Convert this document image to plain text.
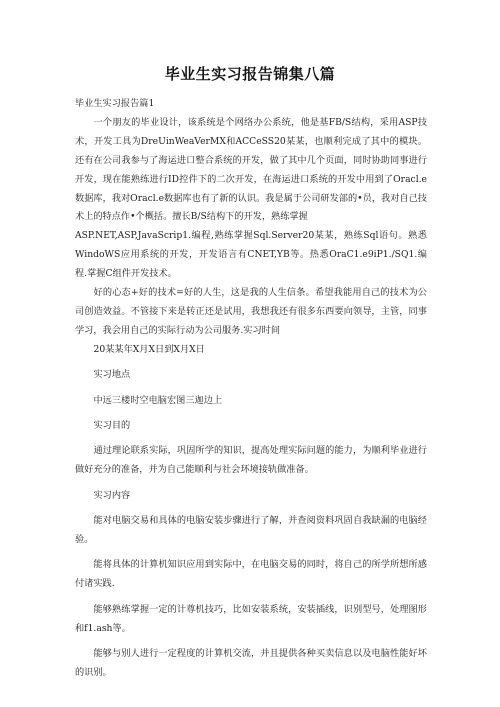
毕业生实习报告锦集八篇

毕业生实习报告篇1

一个朋友的毕业设计，该系统是个网络办公系统，他是基FB/S结构，采用ASP技术，开发工具为DreUinWeaVerMX和ACCeSS20某某，也顺利完成了其中的模块。还有在公司我参与了海运进口整合系统的开发，做了其中几个页面，同时协助同事进行开发，现在能熟练进行ID控件下的二次开发，在海运进口系统的开发中用到了Oracl.e数据库，我对Oracl.e数据库也有了新的认识。我是属于公司研发部的•员，我对自己技术上的特点作•个概括。擅长B/S结构下的开发，熟练掌握

ASP.NET,ASP,JavaScrip1.编程,熟练掌握Sql.Server20某某，熟练Sql语句。熟悉WindoWS应用系统的开发，开发语言有CNET,YB等。热悉OraC1.e9iP1./SQ1.编程.掌握C组件开发技术。

好的心态+好的技术=好的人生，这是我的人生信条。希望我能用自己的技术为公司创造效益。不管接下来是转正还是试用，我想我还有很多东西要向领导，主管，同事学习，我会用自己的实际行动为公司服务.实习时间

20某某年X月X日到X月X日

实习地点

中远三楼时空电脑宏图三迦边上

实习目的

通过理论联系实际，巩固所学的知识，提高处理实际问题的能力，为顺利毕业进行做好充分的准备，并为自己能顺利与社会环境接轨做准备。

实习内容

能对电脑交易和具体的电脑安装步骤进行了解，并查阅资料巩固自我缺漏的电脑经验。

能将具体的计算机知识应用到实际中，在电脑交易的同时，将自己的所学所想所感付诸实践.

能够熟练掌握一定的计尊机技巧，比如安装系统，安装插线，识别型号，处理图形和f1.ash等。

能够与别人进行一定程度的计算机交流，并且提供各种买卖信息以及电脑性能好坏的识别。
